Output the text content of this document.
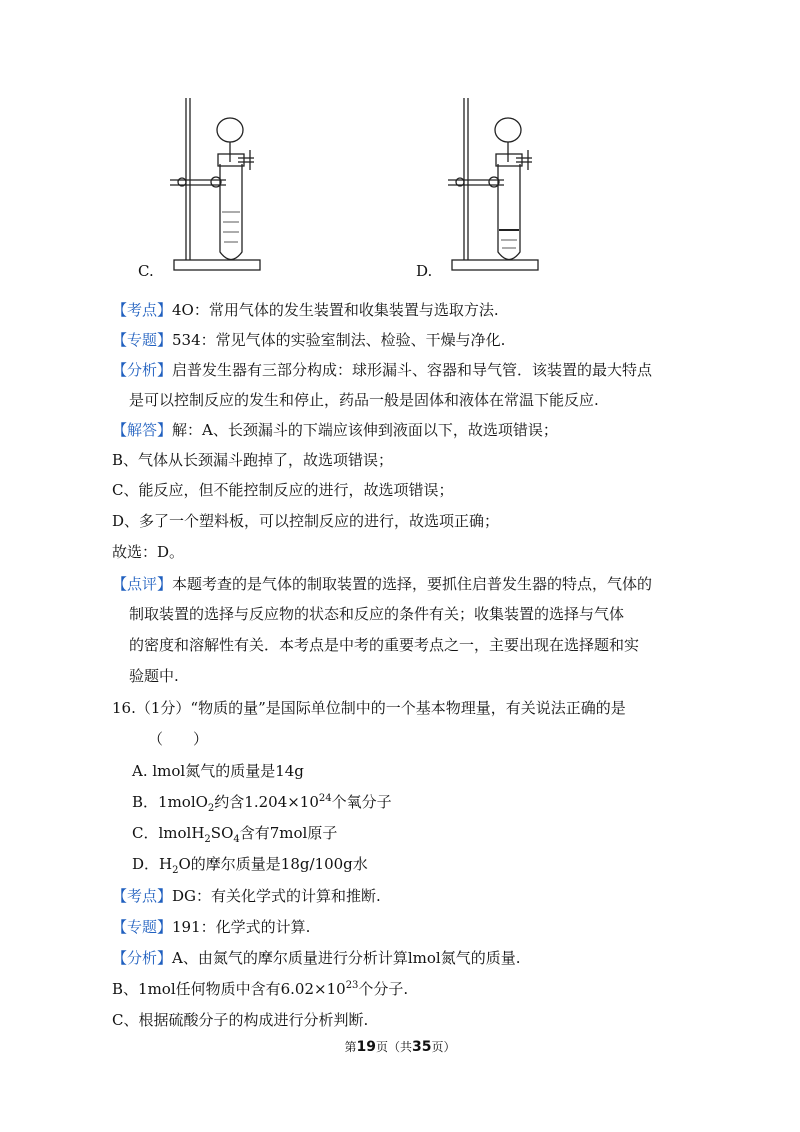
C.	D.
【考点】4O：常用气体的发生装置和收集装置与选取方法.
【专题】534：常见气体的实验室制法、检验、干燥与净化.
【分析】启普发生器有三部分构成：球形漏斗、容器和导气管．该装置的最大特点
是可以控制反应的发生和停止，药品一般是固体和液体在常温下能反应.
【解答】解：A、长颈漏斗的下端应该伸到液面以下，故选项错误；
B、气体从长颈漏斗跑掉了，故选项错误；
C、能反应，但不能控制反应的进行，故选项错误；
D、多了一个塑料板，可以控制反应的进行，故选项正确；
故选：D。
【点评】本题考查的是气体的制取装置的选择，要抓住启普发生器的特点，气体的
制取装置的选择与反应物的状态和反应的条件有关；收集装置的选择与气体
的密度和溶解性有关．本考点是中考的重要考点之一，主要出现在选择题和实
验题中.
16.（1分）“物质的量”是国际单位制中的一个基本物理量，有关说法正确的是
（　　）
A. lmol氮气的质量是14g
B．1molO$_2$约含$1.204\times 10^{24}$个氧分子
C．$lmolH_2SO_4$含有7mol原子
D．$H_2O$的摩尔质量是18g/100g水
【考点】DG：有关化学式的计算和推断.
【专题】191：化学式的计算.
【分析】A、由氮气的摩尔质量进行分析计算lmol氮气的质量.
B、1mol任何物质中含有$6.02\times 10^{23}$个分子.
C、根据硫酸分子的构成进行分析判断.
第19页（共35页）
